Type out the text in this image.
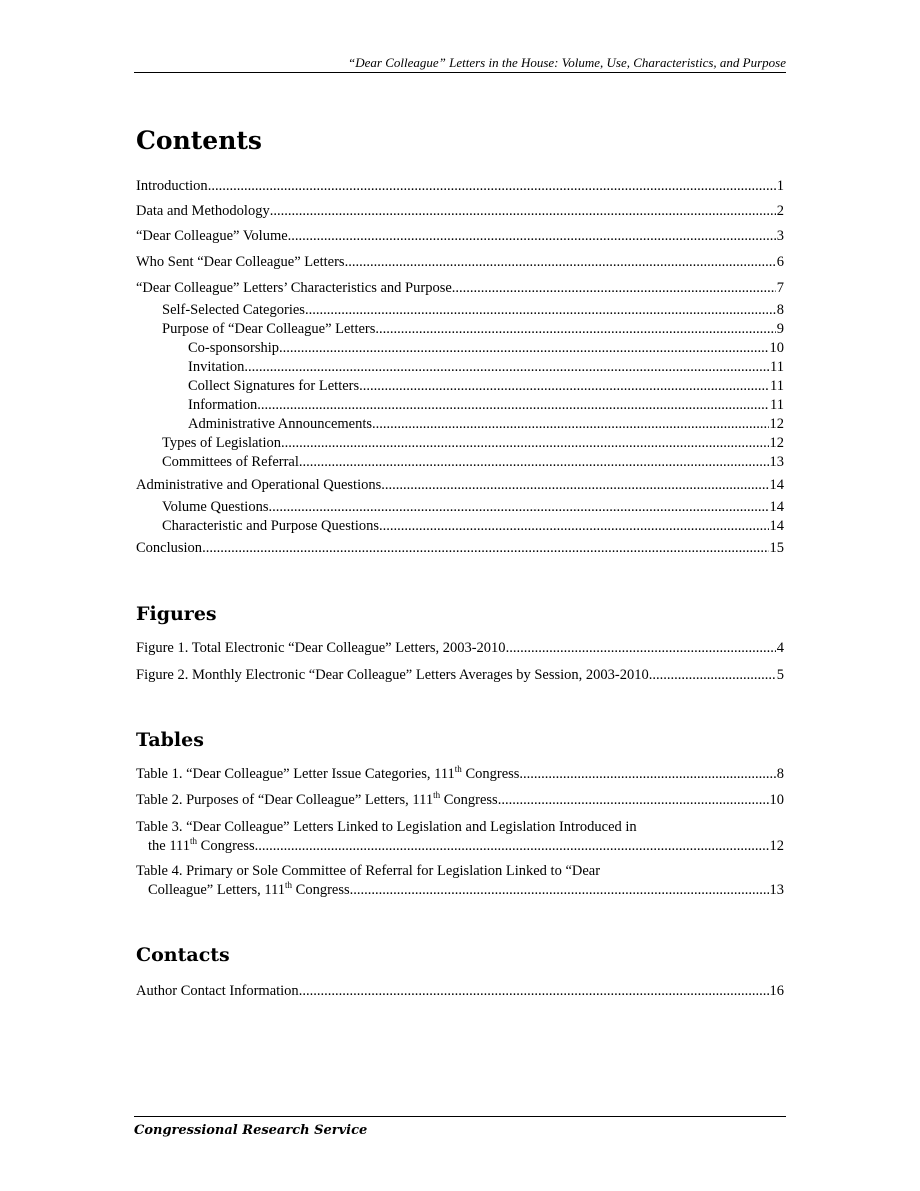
“Dear Colleague” Letters in the House: Volume, Use, Characteristics, and Purpose
Contents
Introduction .....	1
Data and Methodology .....	2
“Dear Colleague” Volume .....	3
Who Sent “Dear Colleague” Letters .....	6
“Dear Colleague” Letters’ Characteristics and Purpose .....	7
Self-Selected Categories .....	8
Purpose of “Dear Colleague” Letters .....	9
Co-sponsorship .....	10
Invitation .....	11
Collect Signatures for Letters .....	11
Information .....	11
Administrative Announcements .....	12
Types of Legislation .....	12
Committees of Referral .....	13
Administrative and Operational Questions .....	14
Volume Questions .....	14
Characteristic and Purpose Questions .....	14
Conclusion .....	15
Figures
Figure 1. Total Electronic “Dear Colleague” Letters, 2003-2010 .....	4
Figure 2. Monthly Electronic “Dear Colleague” Letters Averages by Session, 2003-2010 .....	5
Tables
Table 1. “Dear Colleague” Letter Issue Categories, 111th Congress .....	8
Table 2. Purposes of “Dear Colleague” Letters, 111th Congress .....	10
Table 3. “Dear Colleague” Letters Linked to Legislation and Legislation Introduced in
the 111th Congress .....	12
Table 4. Primary or Sole Committee of Referral for Legislation Linked to “Dear
Colleague” Letters, 111th Congress .....	13
Contacts
Author Contact Information .....	16
Congressional Research Service
